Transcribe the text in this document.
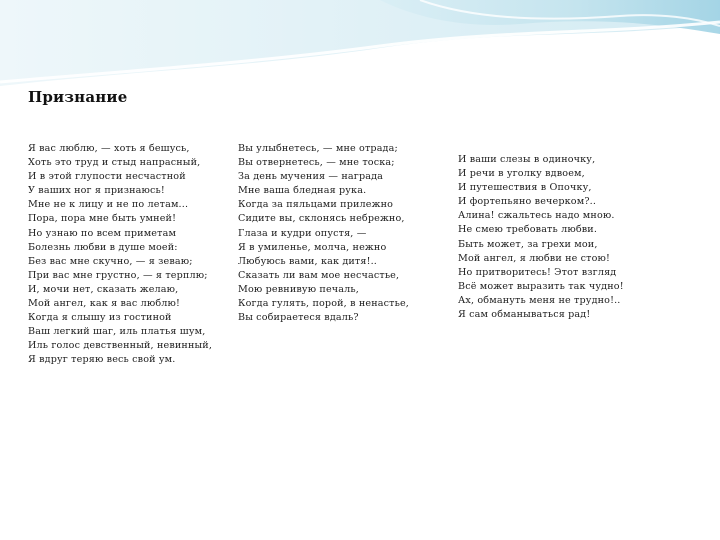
Признание
Я вас люблю, — хоть я бешусь,
Хоть это труд и стыд напрасный,
И в этой глупости несчастной
У ваших ног я признаюсь!
Мне не к лицу и не по летам...
Пора, пора мне быть умней!
Но узнаю по всем приметам
Болезнь любви в душе моей:
Без вас мне скучно, — я зеваю;
При вас мне грустно, — я терплю;
И, мочи нет, сказать желаю,
Мой ангел, как я вас люблю!
Когда я слышу из гостиной
Ваш легкий шаг, иль платья шум,
Иль голос девственный, невинный,
Я вдруг теряю весь свой ум.
Вы улыбнетесь, — мне отрада;
Вы отвернетесь, — мне тоска;
За день мучения — награда
Мне ваша бледная рука.
Когда за пяльцами прилежно
Сидите вы, склонясь небрежно,
Глаза и кудри опустя, —
Я в умиленье, молча, нежно
Любуюсь вами, как дитя!..
Сказать ли вам мое несчастье,
Мою ревнивую печаль,
Когда гулять, порой, в ненастье,
Вы собираетеся вдаль?
И ваши слезы в одиночку,
И речи в уголку вдвоем,
И путешествия в Опочку,
И фортепьяно вечерком?..
Алина! сжальтесь надо мною.
Не смею требовать любви.
Быть может, за грехи мои,
Мой ангел, я любви не стою!
Но притворитесь! Этот взгляд
Всё может выразить так чудно!
Ах, обмануть меня не трудно!..
Я сам обманываться рад!
